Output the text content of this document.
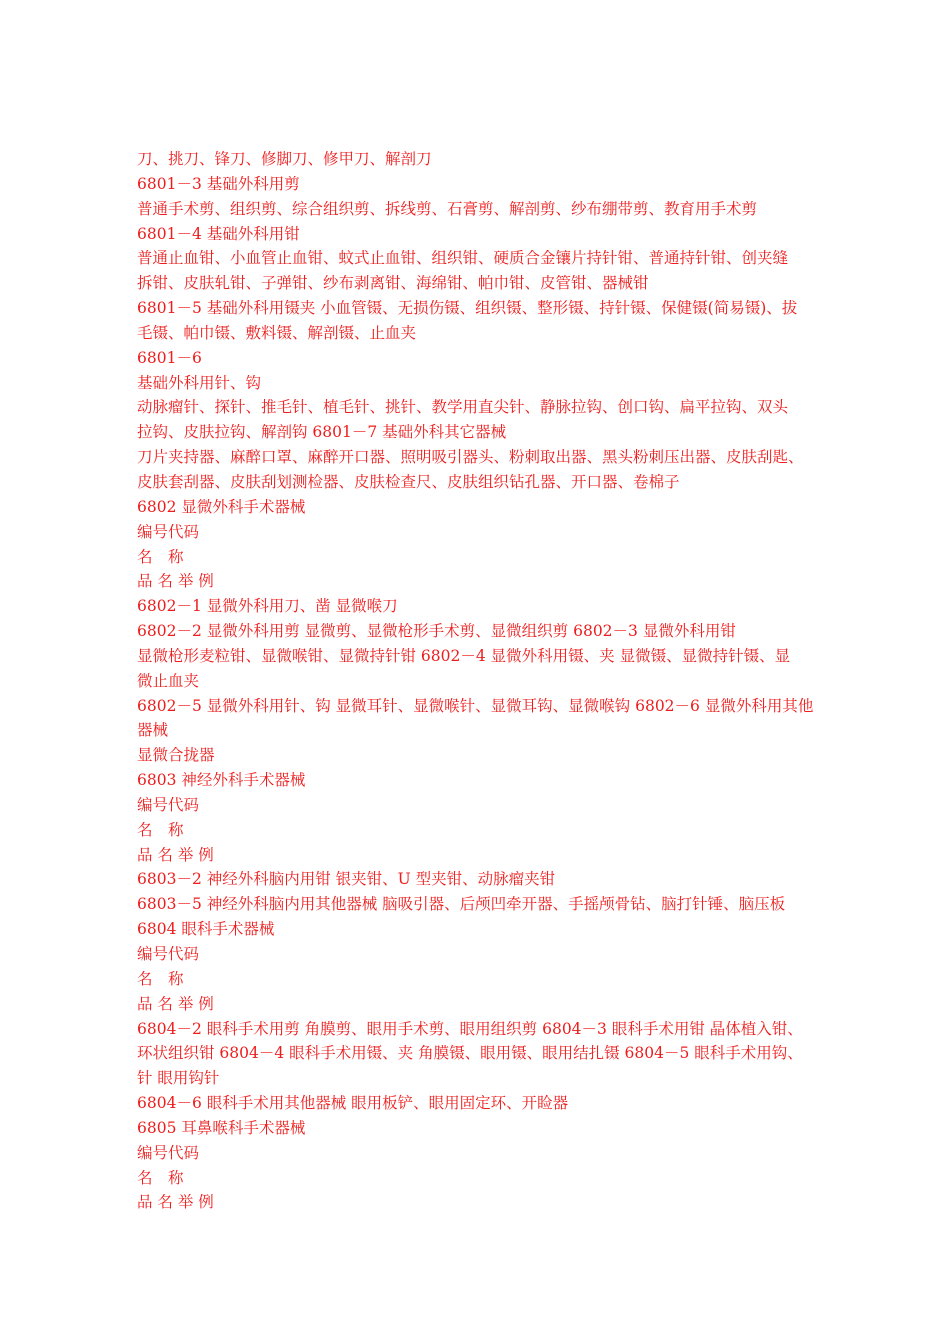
刀、挑刀、锋刀、修脚刀、修甲刀、解剖刀
6801－3 基础外科用剪
普通手术剪、组织剪、综合组织剪、拆线剪、石膏剪、解剖剪、纱布绷带剪、教育用手术剪
6801－4 基础外科用钳
普通止血钳、小血管止血钳、蚊式止血钳、组织钳、硬质合金镶片持针钳、普通持针钳、创夹缝
拆钳、皮肤轧钳、子弹钳、纱布剥离钳、海绵钳、帕巾钳、皮管钳、器械钳
6801－5 基础外科用镊夹 小血管镊、无损伤镊、组织镊、整形镊、持针镊、保健镊(简易镊)、拔
毛镊、帕巾镊、敷料镊、解剖镊、止血夹
6801－6
基础外科用针、钩
动脉瘤针、探针、推毛针、植毛针、挑针、教学用直尖针、静脉拉钩、创口钩、扁平拉钩、双头
拉钩、皮肤拉钩、解剖钩 6801－7 基础外科其它器械
刀片夹持器、麻醉口罩、麻醉开口器、照明吸引器头、粉刺取出器、黑头粉刺压出器、皮肤刮匙、
皮肤套刮器、皮肤刮划测检器、皮肤检查尺、皮肤组织钻孔器、开口器、卷棉子
6802 显微外科手术器械
编号代码
名　称
品 名 举 例
6802－1 显微外科用刀、凿 显微喉刀
6802－2 显微外科用剪 显微剪、显微枪形手术剪、显微组织剪 6802－3 显微外科用钳
显微枪形麦粒钳、显微喉钳、显微持针钳 6802－4 显微外科用镊、夹 显微镊、显微持针镊、显
微止血夹
6802－5 显微外科用针、钩 显微耳针、显微喉针、显微耳钩、显微喉钩 6802－6 显微外科用其他
器械
显微合拢器
6803 神经外科手术器械
编号代码
名　称
品 名 举 例
6803－2 神经外科脑内用钳 银夹钳、U 型夹钳、动脉瘤夹钳
6803－5 神经外科脑内用其他器械 脑吸引器、后颅凹牵开器、手摇颅骨钻、脑打针锤、脑压板
6804 眼科手术器械
编号代码
名　称
品 名 举 例
6804－2 眼科手术用剪 角膜剪、眼用手术剪、眼用组织剪 6804－3 眼科手术用钳 晶体植入钳、
环状组织钳 6804－4 眼科手术用镊、夹 角膜镊、眼用镊、眼用结扎镊 6804－5 眼科手术用钩、
针 眼用钩针
6804－6 眼科手术用其他器械 眼用板铲、眼用固定环、开睑器
6805 耳鼻喉科手术器械
编号代码
名　称
品 名 举 例
